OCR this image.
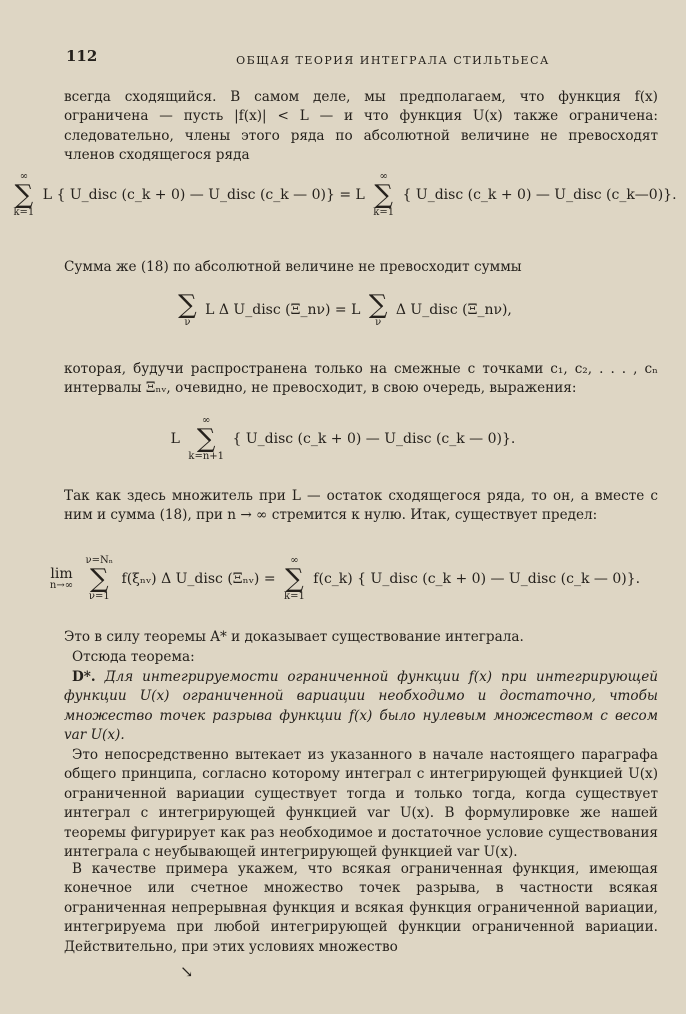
112	ОБЩАЯ ТЕОРИЯ ИНТЕГРАЛА СТИЛЬТЬЕСА
всегда сходящийся. В самом деле, мы предполагаем, что функция f(x) ограничена — пусть |f(x)| < L — и что функция U(x) также ограничена: следовательно, члены этого ряда по абсолютной величине не превосходят членов сходящегося ряда
∞
∑
k=1
L { U_disc (c_k + 0) — U_disc (c_k — 0)} = L
∞
∑
k=1
{ U_disc (c_k + 0) — U_disc (c_k—0)}.
Сумма же (18) по абсолютной величине не превосходит суммы
∑
ν
L Δ U_disc (Ξ_nν) = L ∑
ν
Δ U_disc (Ξ_nν),
которая, будучи распространена только на смежные с точками c₁, c₂, . . . , cₙ интервалы Ξₙᵥ, очевидно, не превосходит, в свою очередь, выражения:
L
∞
∑
k=n+1
{ U_disc (c_k + 0) — U_disc (c_k — 0)}.
Так как здесь множитель при L — остаток сходящегося ряда, то он, а вместе с ним и сумма (18), при n → ∞ стремится к нулю. Итак, существует предел:
lim
n→∞

ν=Nₙ
∑
ν=1
f(ξₙᵥ) Δ U_disc (Ξₙᵥ) =
∞
∑
k=1
f(c_k) { U_disc (c_k + 0) — U_disc (c_k — 0)}.
Это в силу теоремы A* и доказывает существование интеграла.
Отсюда теорема:
D*. Для интегрируемости ограниченной функции f(x) при интегрирующей функции U(x) ограниченной вариации необходимо и достаточно, чтобы множество точек разрыва функции f(x) было нулевым множеством с весом var U(x).
Это непосредственно вытекает из указанного в начале настоящего параграфа общего принципа, согласно которому интеграл с интегрирующей функцией U(x) ограниченной вариации существует тогда и только тогда, когда существует интеграл с интегрирующей функцией var U(x). В формулировке же нашей теоремы фигурирует как раз необходимое и достаточное условие существования интеграла с неубывающей интегрирующей функцией var U(x).
В качестве примера укажем, что всякая ограниченная функция, имеющая конечное или счетное множество точек разрыва, в частности всякая ограниченная непрерывная функция и всякая функция ограниченной вариации, интегрируема при любой интегрирующей функции ограниченной вариации. Действительно, при этих условиях множество
↘
